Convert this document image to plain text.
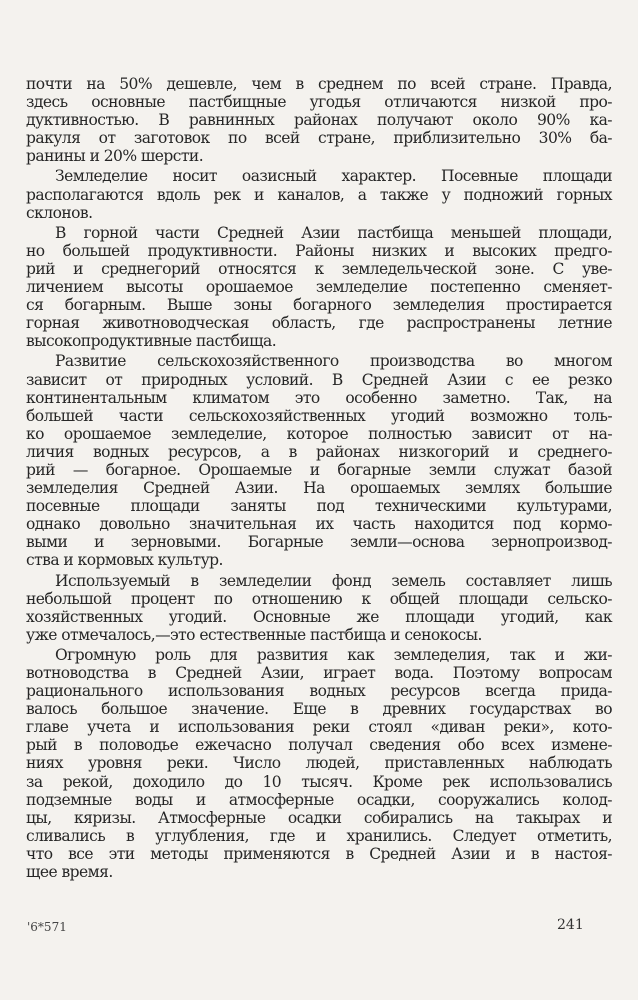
почти на 50% дешевле, чем в среднем по всей стране. Правда,
здесь основные пастбищные угодья отличаются низкой про-
дуктивностью. В равнинных районах получают около 90% ка-
ракуля от заготовок по всей стране, приблизительно 30% ба-
ранины и 20% шерсти.
Земледелие носит оазисный характер. Посевные площади
располагаются вдоль рек и каналов, а также у подножий горных
склонов.
В горной части Средней Азии пастбища меньшей площади,
но большей продуктивности. Районы низких и высоких предго-
рий и среднегорий относятся к земледельческой зоне. С уве-
личением высоты орошаемое земледелие постепенно сменяет-
ся богарным. Выше зоны богарного земледелия простирается
горная животноводческая область, где распространены летние
высокопродуктивные пастбища.
Развитие сельскохозяйственного производства во многом
зависит от природных условий. В Средней Азии с ее резко
континентальным климатом это особенно заметно. Так, на
большей части сельскохозяйственных угодий возможно толь-
ко орошаемое земледелие, которое полностью зависит от на-
личия водных ресурсов, а в районах низкогорий и среднего-
рий — богарное. Орошаемые и богарные земли служат базой
земледелия Средней Азии. На орошаемых землях большие
посевные площади заняты под техническими культурами,
однако довольно значительная их часть находится под кормо-
выми и зерновыми. Богарные земли—основа зернопроизвод-
ства и кормовых культур.
Используемый в земледелии фонд земель составляет лишь
небольшой процент по отношению к общей площади сельско-
хозяйственных угодий. Основные же площади угодий, как
уже отмечалось,—это естественные пастбища и сенокосы.
Огромную роль для развития как земледелия, так и жи-
вотноводства в Средней Азии, играет вода. Поэтому вопросам
рационального использования водных ресурсов всегда прида-
валось большое значение. Еще в древних государствах во
главе учета и использования реки стоял «диван реки», кото-
рый в половодье ежечасно получал сведения обо всех измене-
ниях уровня реки. Число людей, приставленных наблюдать
за рекой, доходило до 10 тысяч. Кроме рек использовались
подземные воды и атмосферные осадки, сооружались колод-
цы, кяризы. Атмосферные осадки собирались на такырах и
сливались в углубления, где и хранились. Следует отметить,
что все эти методы применяются в Средней Азии и в настоя-
щее время.
'6*571	241
